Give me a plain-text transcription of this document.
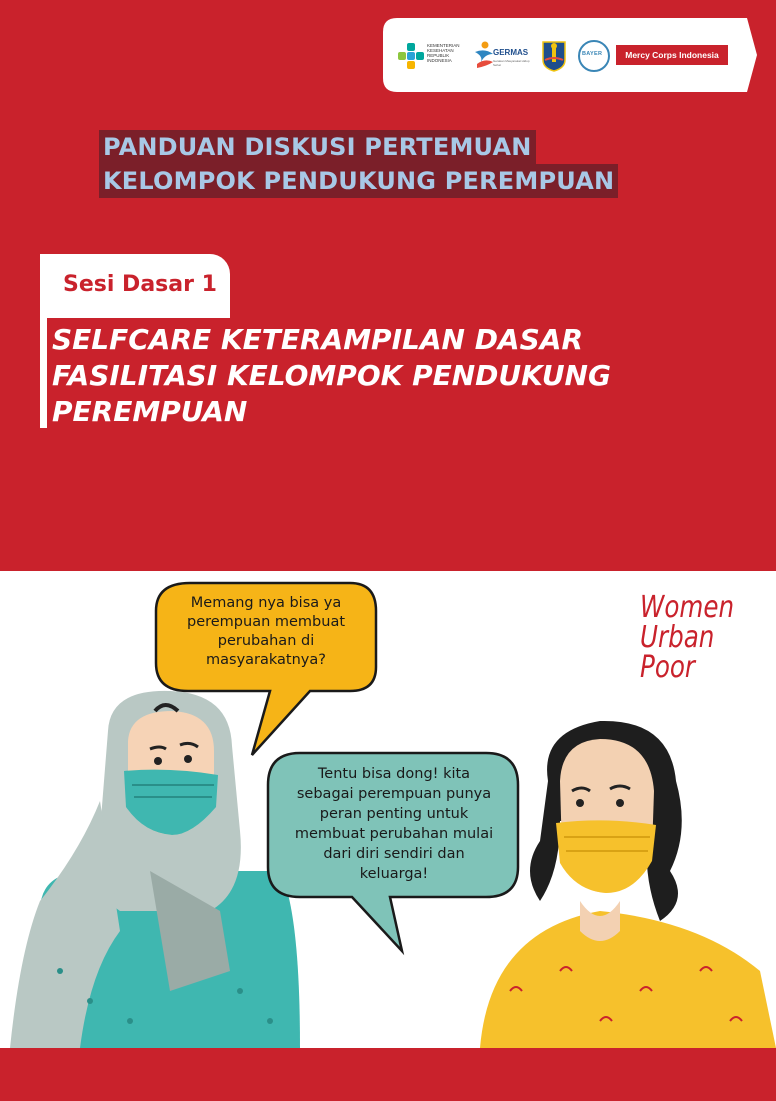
KEMENTERIAN KESEHATAN REPUBLIK INDONESIA
GERMAS
Gerakan Masyarakat Hidup Sehat
BAYER	Mercy Corps Indonesia
PANDUAN DISKUSI PERTEMUAN
KELOMPOK PENDUKUNG PEREMPUAN
Sesi Dasar 1
SELFCARE KETERAMPILAN DASAR
FASILITASI KELOMPOK PENDUKUNG
PEREMPUAN
Memang nya bisa ya
perempuan membuat
perubahan di
masyarakatnya?
Tentu bisa dong! kita
sebagai perempuan punya
peran penting untuk
membuat perubahan mulai
dari diri sendiri dan
keluarga!
Women
Urban
Poor
